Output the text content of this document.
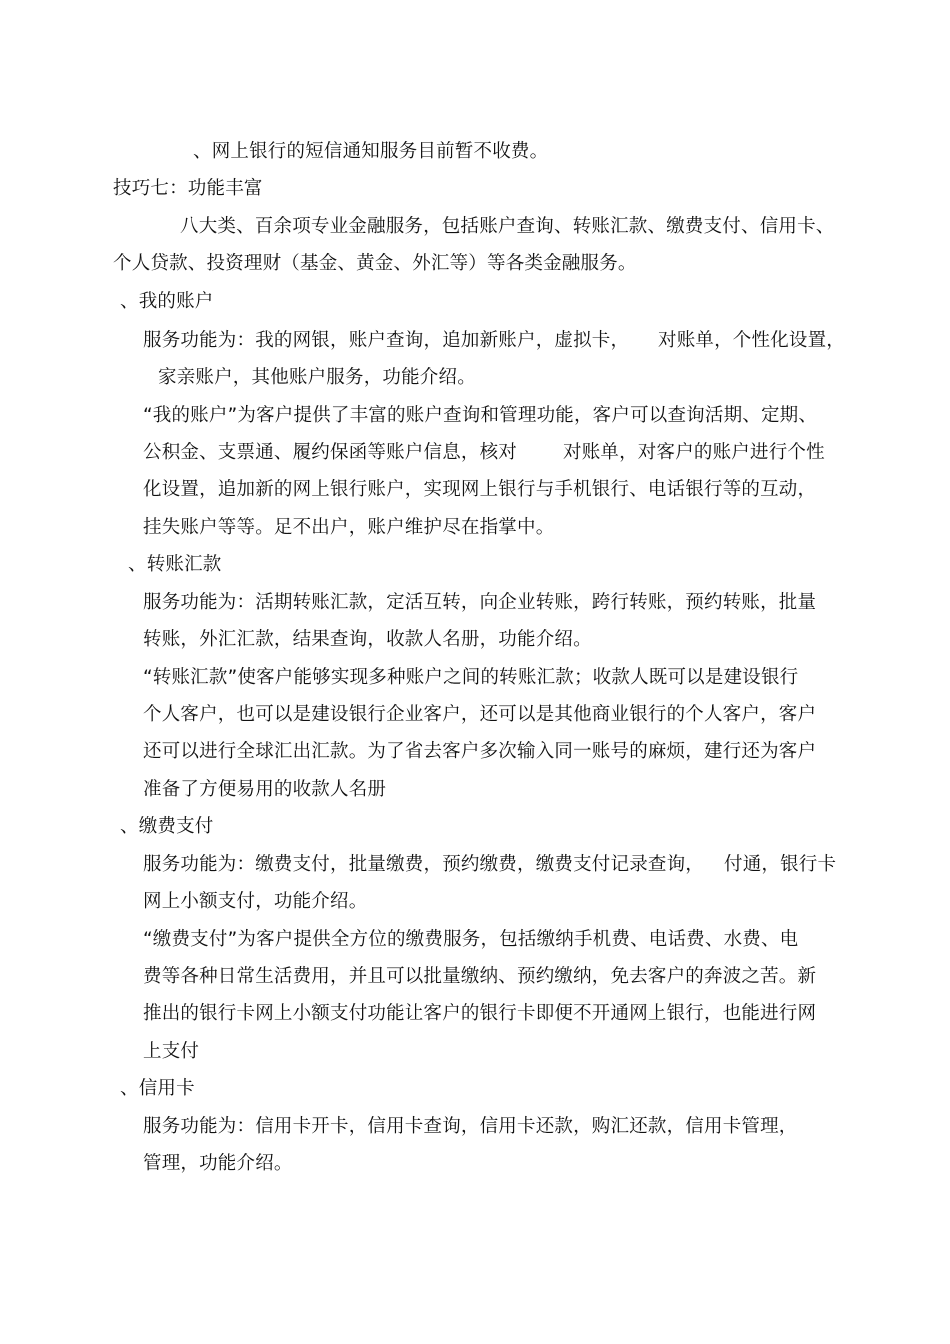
、网上银行的短信通知服务目前暂不收费。

技巧七：功能丰富

八大类、百余项专业金融服务，包括账户查询、转账汇款、缴费支付、信用卡、

个人贷款、投资理财（基金、黄金、外汇等）等各类金融服务。

、我的账户

服务功能为：我的网银，账户查询，追加新账户，虚拟卡， 对账单，个性化设置，

家亲账户，其他账户服务，功能介绍。

“我的账户”为客户提供了丰富的账户查询和管理功能，客户可以查询活期、定期、

公积金、支票通、履约保函等账户信息，核对 对账单，对客户的账户进行个性

化设置，追加新的网上银行账户，实现网上银行与手机银行、电话银行等的互动，

挂失账户等等。足不出户，账户维护尽在指掌中。

、转账汇款

服务功能为：活期转账汇款，定活互转，向企业转账，跨行转账，预约转账，批量

转账，外汇汇款，结果查询，收款人名册，功能介绍。

“转账汇款”使客户能够实现多种账户之间的转账汇款；收款人既可以是建设银行

个人客户，也可以是建设银行企业客户，还可以是其他商业银行的个人客户，客户

还可以进行全球汇出汇款。为了省去客户多次输入同一账号的麻烦，建行还为客户

准备了方便易用的收款人名册

、缴费支付

服务功能为：缴费支付，批量缴费，预约缴费，缴费支付记录查询， 付通，银行卡

网上小额支付，功能介绍。

“缴费支付”为客户提供全方位的缴费服务，包括缴纳手机费、电话费、水费、电

费等各种日常生活费用，并且可以批量缴纳、预约缴纳，免去客户的奔波之苦。新

推出的银行卡网上小额支付功能让客户的银行卡即便不开通网上银行，也能进行网

上支付

、信用卡

服务功能为：信用卡开卡，信用卡查询，信用卡还款，购汇还款，信用卡管理，

管理，功能介绍。
